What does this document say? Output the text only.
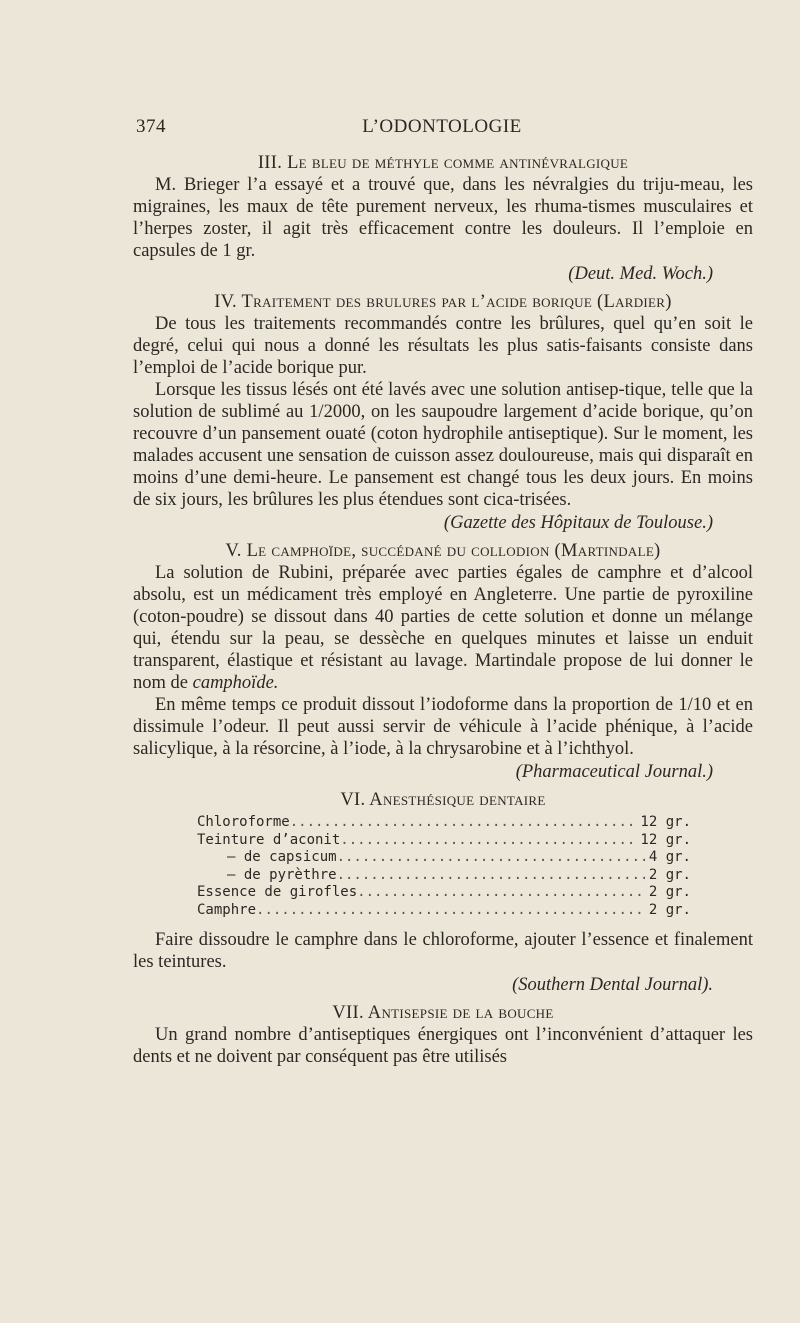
374	L’ODONTOLOGIE
III. Le bleu de méthyle comme antinévralgique

M. Brieger l’a essayé et a trouvé que, dans les névralgies du triju-meau, les migraines, les maux de tête purement nerveux, les rhuma-tismes musculaires et l’herpes zoster, il agit très efficacement contre les douleurs. Il l’emploie en capsules de 1 gr.

(Deut. Med. Woch.)
IV. Traitement des brulures par l’acide borique (Lardier)

De tous les traitements recommandés contre les brûlures, quel qu’en soit le degré, celui qui nous a donné les résultats les plus satis-faisants consiste dans l’emploi de l’acide borique pur.

Lorsque les tissus lésés ont été lavés avec une solution antisep-tique, telle que la solution de sublimé au 1/2000, on les saupoudre largement d’acide borique, qu’on recouvre d’un pansement ouaté (coton hydrophile antiseptique). Sur le moment, les malades accusent une sensation de cuisson assez douloureuse, mais qui disparaît en moins d’une demi-heure. Le pansement est changé tous les deux jours. En moins de six jours, les brûlures les plus étendues sont cica-trisées.

(Gazette des Hôpitaux de Toulouse.)
V. Le camphoïde, succédané du collodion (Martindale)

La solution de Rubini, préparée avec parties égales de camphre et d’alcool absolu, est un médicament très employé en Angleterre. Une partie de pyroxiline (coton-poudre) se dissout dans 40 parties de cette solution et donne un mélange qui, étendu sur la peau, se dessèche en quelques minutes et laisse un enduit transparent, élastique et résistant au lavage. Martindale propose de lui donner le nom de camphoïde.

En même temps ce produit dissout l’iodoforme dans la proportion de 1/10 et en dissimule l’odeur. Il peut aussi servir de véhicule à l’acide phénique, à l’acide salicylique, à la résorcine, à l’iode, à la chrysarobine et à l’ichthyol.

(Pharmaceutical Journal.)
VI. Anesthésique dentaire
Chloroforme .....	12 gr.
Teinture d’aconit .....	12 gr.
— de capsicum .....	4 gr.
— de pyrèthre .....	2 gr.
Essence de girofles .....	2 gr.
Camphre .....	2 gr.

Faire dissoudre le camphre dans le chloroforme, ajouter l’essence et finalement les teintures.

(Southern Dental Journal).
VII. Antisepsie de la bouche

Un grand nombre d’antiseptiques énergiques ont l’inconvénient d’attaquer les dents et ne doivent par conséquent pas être utilisés
